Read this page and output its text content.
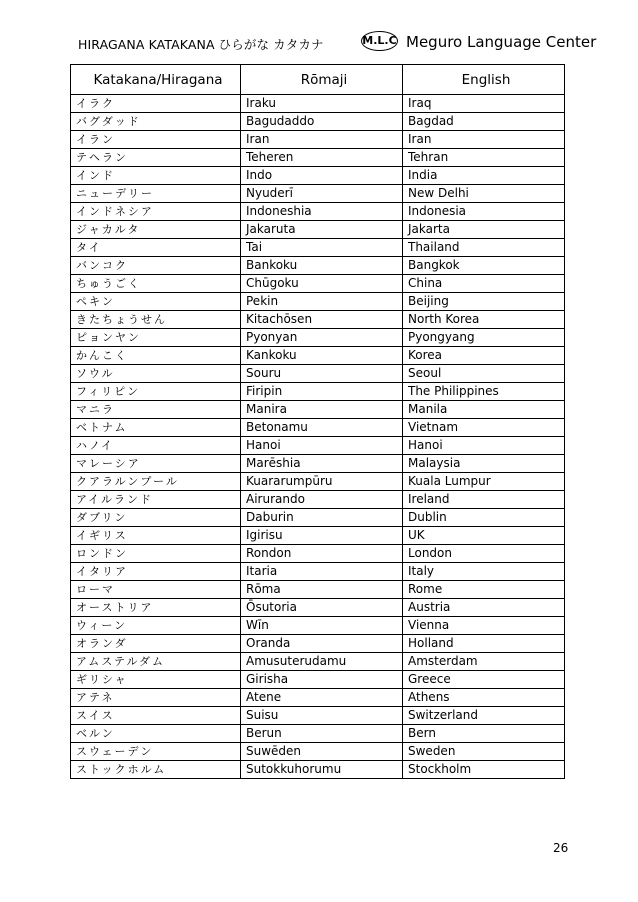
HIRAGANA KATAKANA ひらがな カタカナ	M.L.C Meguro Language Center
Katakana/Hiragana	Rōmaji	English
イラク	Iraku	Iraq
バグダッド	Bagudaddo	Bagdad
イラン	Iran	Iran
テヘラン	Teheren	Tehran
インド	Indo	India
ニューデリー	Nyuderī	New Delhi
インドネシア	Indoneshia	Indonesia
ジャカルタ	Jakaruta	Jakarta
タイ	Tai	Thailand
バンコク	Bankoku	Bangkok
ちゅうごく	Chūgoku	China
ペキン	Pekin	Beijing
きたちょうせん	Kitachōsen	North Korea
ピョンヤン	Pyonyan	Pyongyang
かんこく	Kankoku	Korea
ソウル	Souru	Seoul
フィリピン	Firipin	The Philippines
マニラ	Manira	Manila
ベトナム	Betonamu	Vietnam
ハノイ	Hanoi	Hanoi
マレーシア	Marēshia	Malaysia
クアラルンプール	Kuararumpūru	Kuala Lumpur
アイルランド	Airurando	Ireland
ダブリン	Daburin	Dublin
イギリス	Igirisu	UK
ロンドン	Rondon	London
イタリア	Itaria	Italy
ローマ	Rōma	Rome
オーストリア	Ōsutoria	Austria
ウィーン	Wīn	Vienna
オランダ	Oranda	Holland
アムステルダム	Amusuterudamu	Amsterdam
ギリシャ	Girisha	Greece
アテネ	Atene	Athens
スイス	Suisu	Switzerland
ベルン	Berun	Bern
スウェーデン	Suwēden	Sweden
ストックホルム	Sutokkuhorumu	Stockholm
26
